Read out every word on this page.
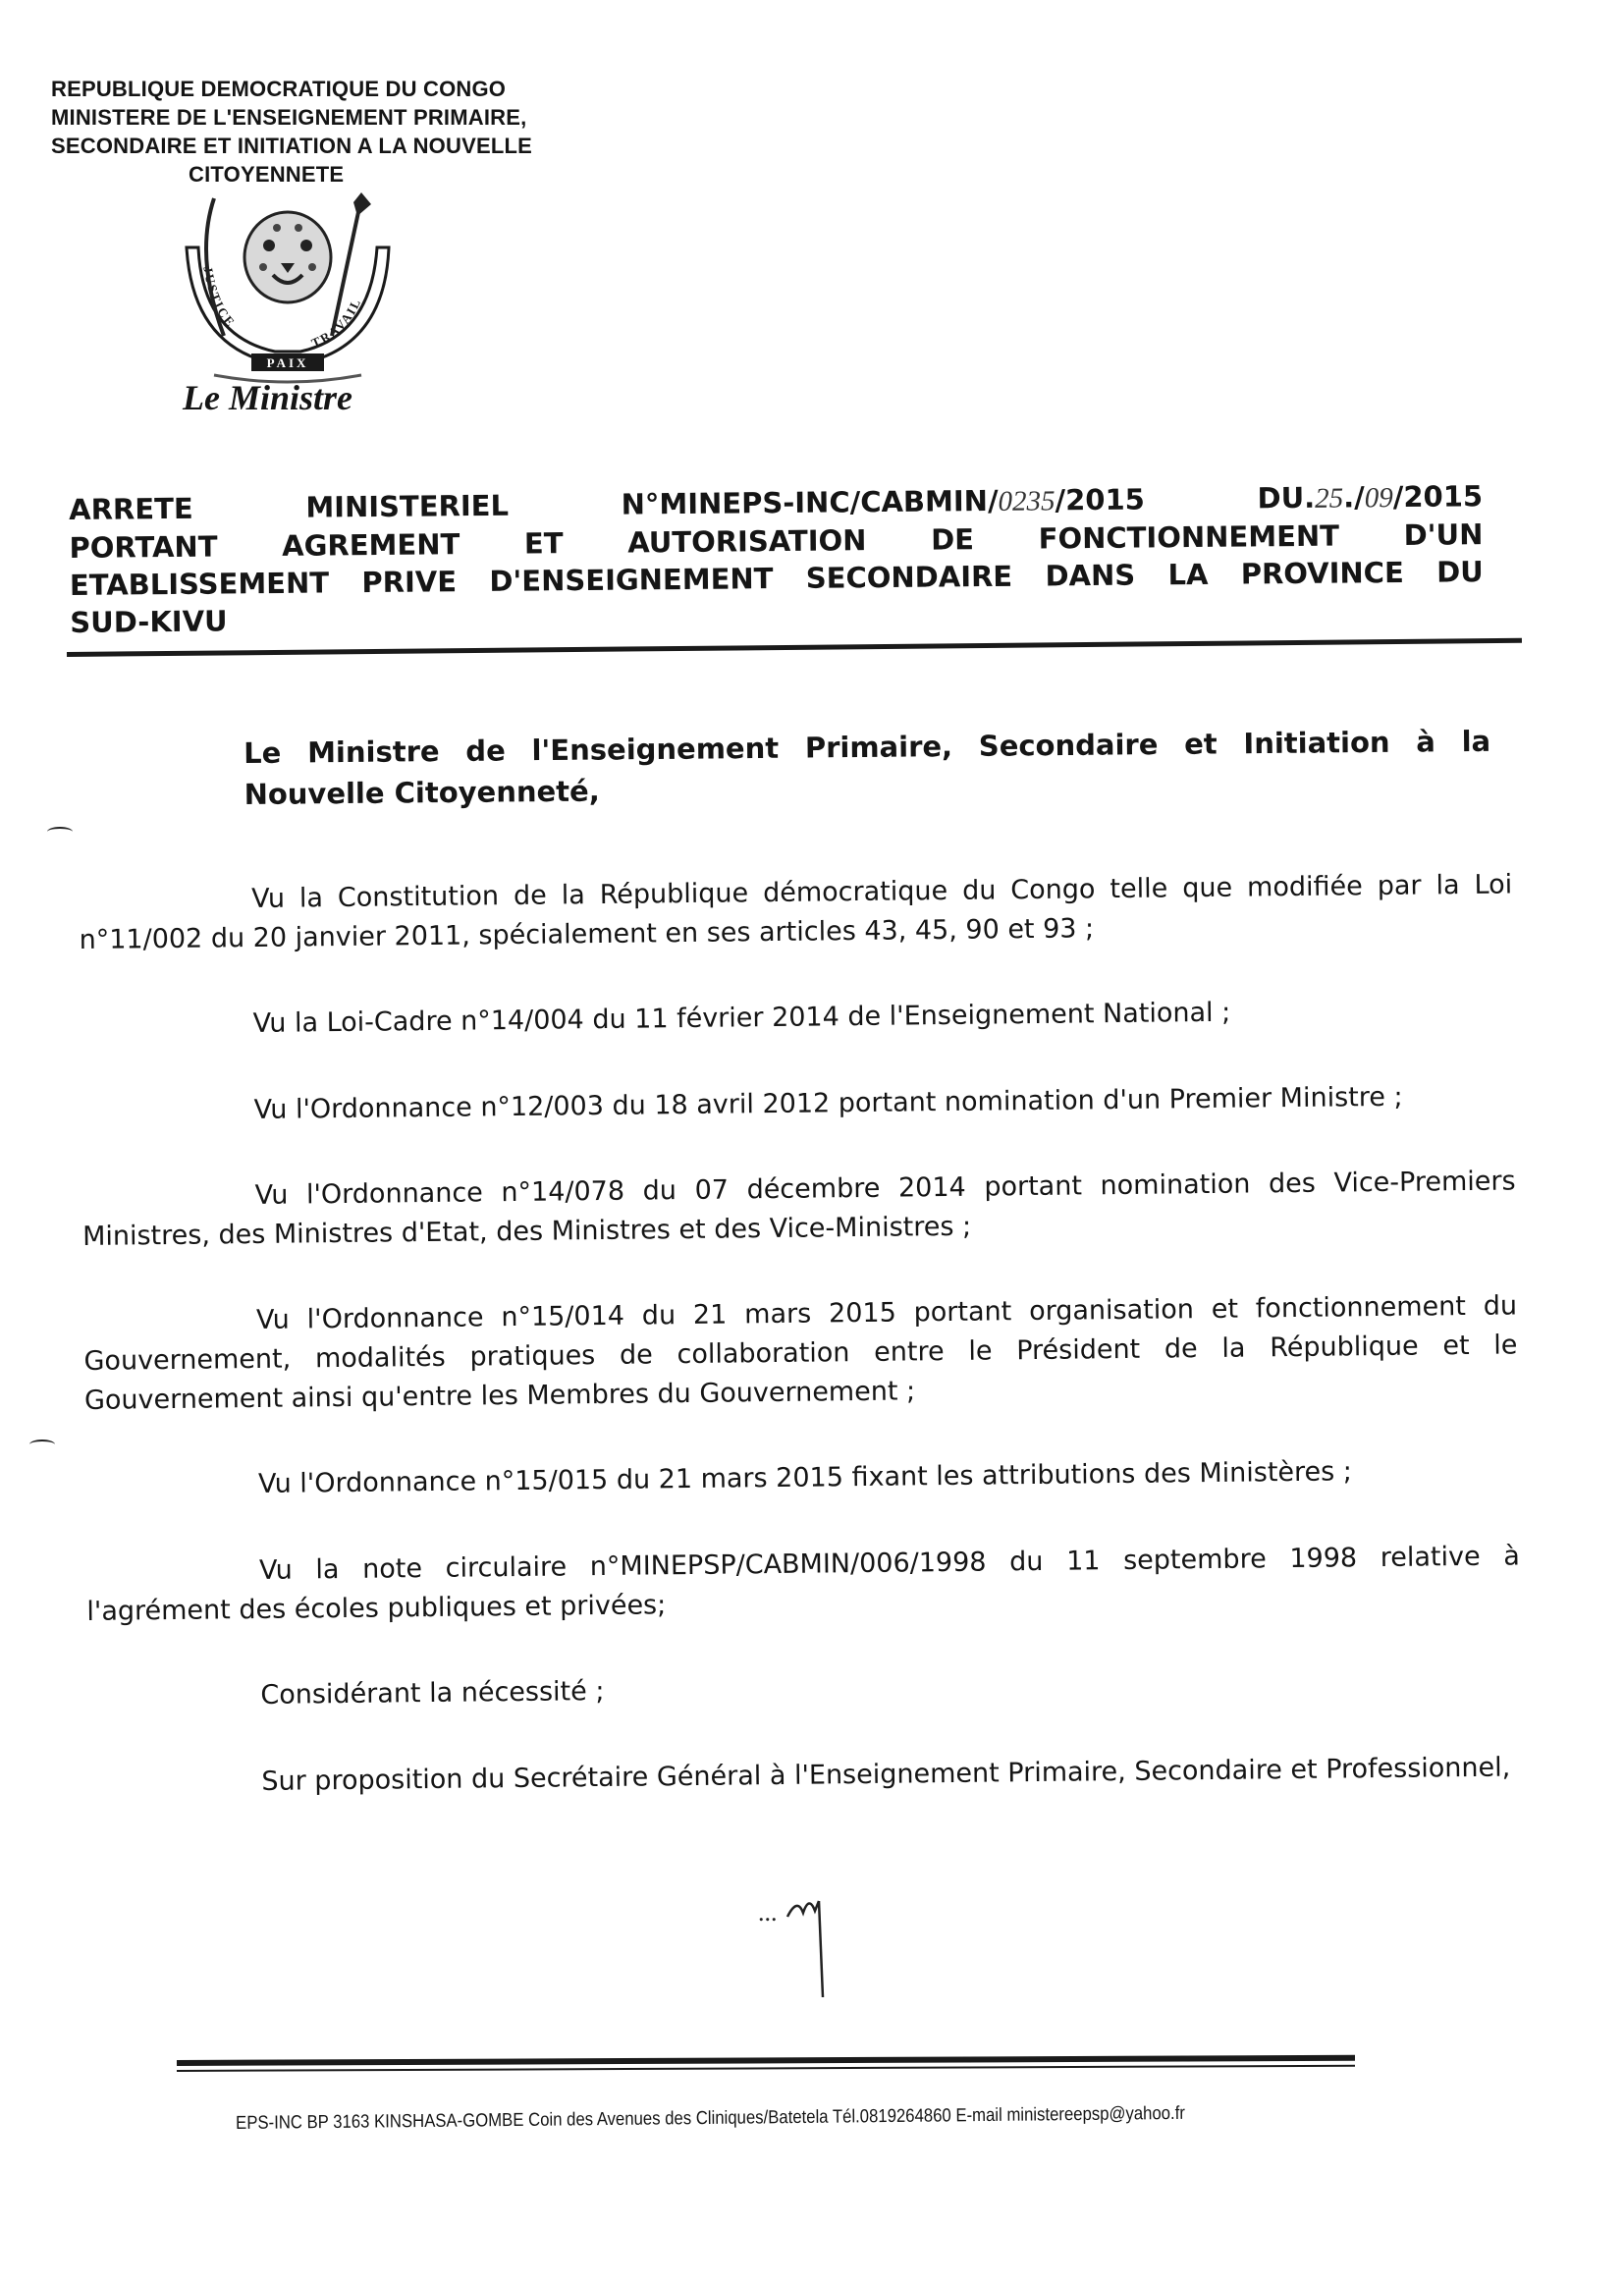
REPUBLIQUE DEMOCRATIQUE DU CONGO
MINISTERE DE L'ENSEIGNEMENT PRIMAIRE,
SECONDAIRE ET INITIATION A LA NOUVELLE
CITOYENNETE
JUSTICE
TRAVAIL
PAIX
Le Ministre
ARRETE	MINISTERIEL	N°MINEPS-INC/CABMIN/0235/2015	DU.25./09/2015
PORTANT AGREMENT ET AUTORISATION DE FONCTIONNEMENT D'UN
ETABLISSEMENT PRIVE D'ENSEIGNEMENT SECONDAIRE DANS LA PROVINCE DU
SUD-KIVU
Le Ministre de l'Enseignement Primaire, Secondaire et Initiation à la
Nouvelle Citoyenneté,

Vu la Constitution de la République démocratique du Congo telle que modifiée par la Loi n°11/002 du 20 janvier 2011, spécialement en ses articles 43, 45, 90 et 93 ;

Vu la Loi-Cadre n°14/004 du 11 février 2014 de l'Enseignement National ;

Vu l'Ordonnance n°12/003 du 18 avril 2012 portant nomination d'un Premier Ministre ;

Vu l'Ordonnance n°14/078 du 07 décembre 2014 portant nomination des Vice-Premiers Ministres, des Ministres d'Etat, des Ministres et des Vice-Ministres ;

Vu l'Ordonnance n°15/014 du 21 mars 2015 portant organisation et fonctionnement du Gouvernement, modalités pratiques de collaboration entre le Président de la République et le Gouvernement ainsi qu'entre les Membres du Gouvernement ;

Vu l'Ordonnance n°15/015 du 21 mars 2015 fixant les attributions des Ministères ;

Vu la note circulaire n°MINEPSP/CABMIN/006/1998 du 11 septembre 1998 relative à l'agrément des écoles publiques et privées;

Considérant la nécessité ;

Sur proposition du Secrétaire Général à l'Enseignement Primaire, Secondaire et Professionnel,

...
EPS-INC BP 3163 KINSHASA-GOMBE Coin des Avenues des Cliniques/Batetela Tél.0819264860 E-mail ministereepsp@yahoo.fr
